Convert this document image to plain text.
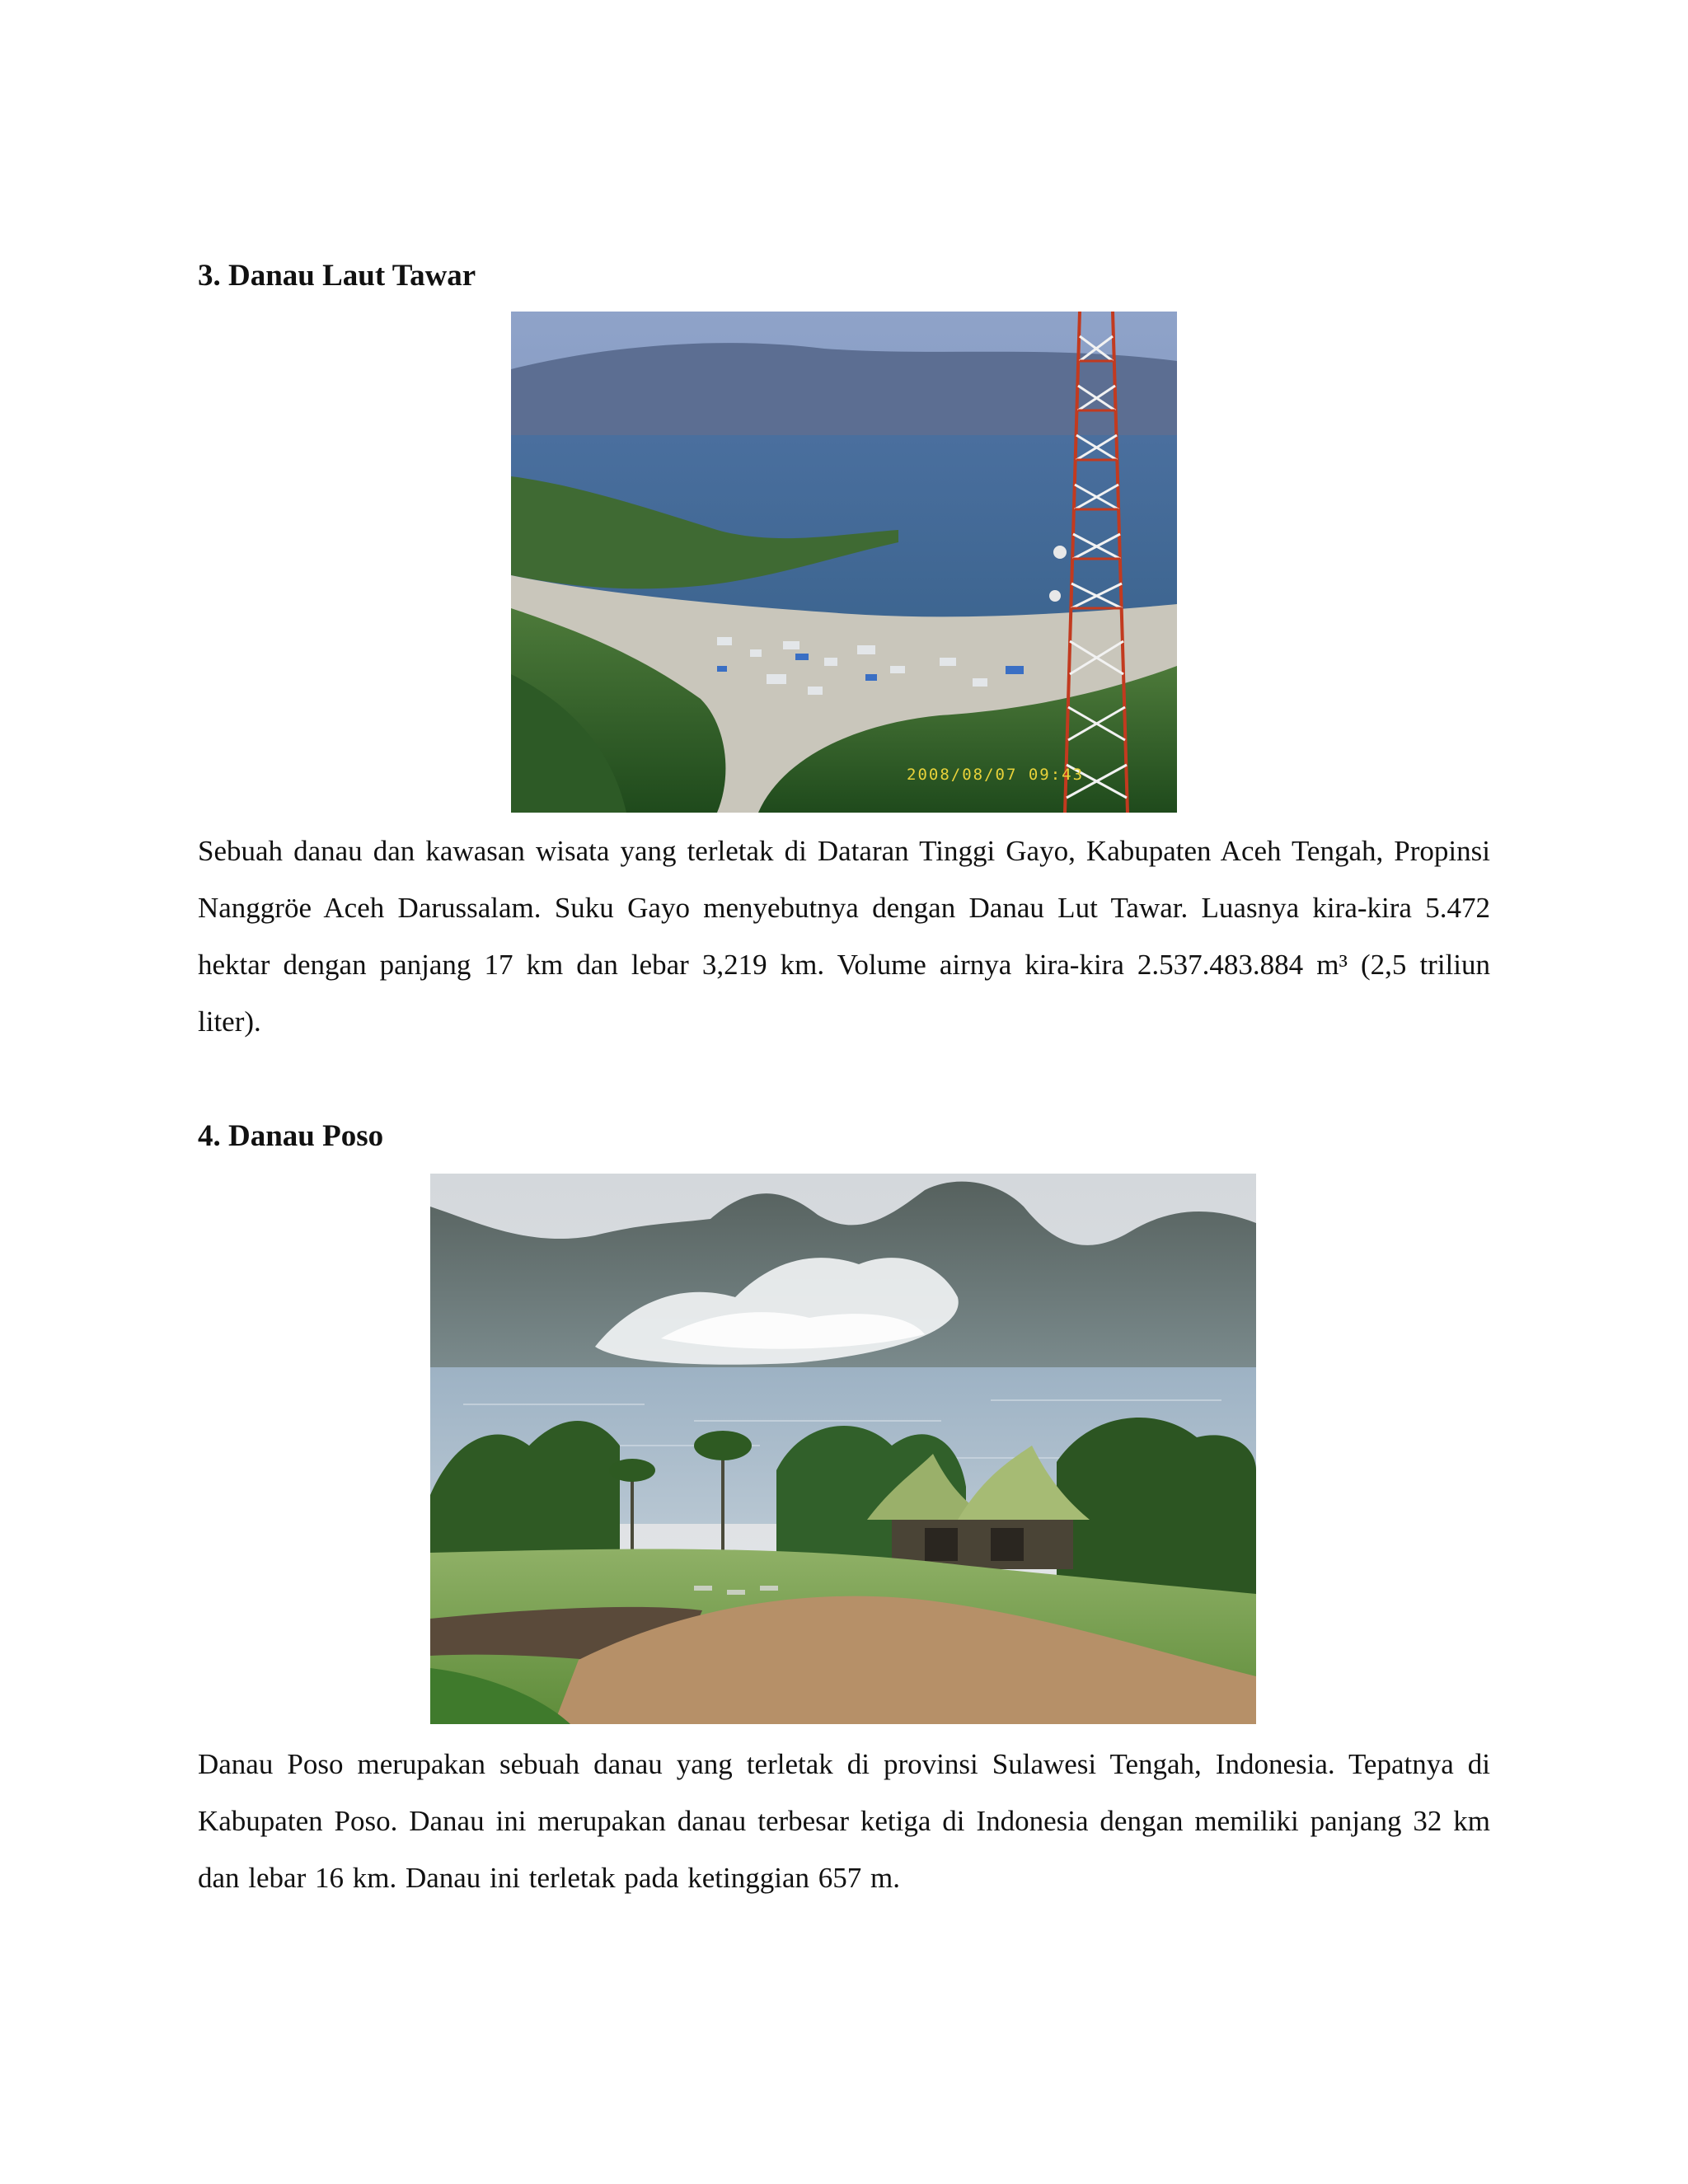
3. Danau Laut Tawar
2008/08/07 09:43

Sebuah danau dan kawasan wisata yang terletak di Dataran Tinggi Gayo, Kabupaten Aceh Tengah, Propinsi Nanggröe Aceh Darussalam. Suku Gayo menyebutnya dengan Danau Lut Tawar. Luasnya kira-kira 5.472 hektar dengan panjang 17 km dan lebar 3,219 km. Volume airnya kira-kira 2.537.483.884 m³ (2,5 triliun liter).

4. Danau Poso

Danau Poso merupakan sebuah danau yang terletak di provinsi Sulawesi Tengah, Indonesia. Tepatnya di Kabupaten Poso. Danau ini merupakan danau terbesar ketiga di Indonesia dengan memiliki panjang 32 km dan lebar 16 km. Danau ini terletak pada ketinggian 657 m.
